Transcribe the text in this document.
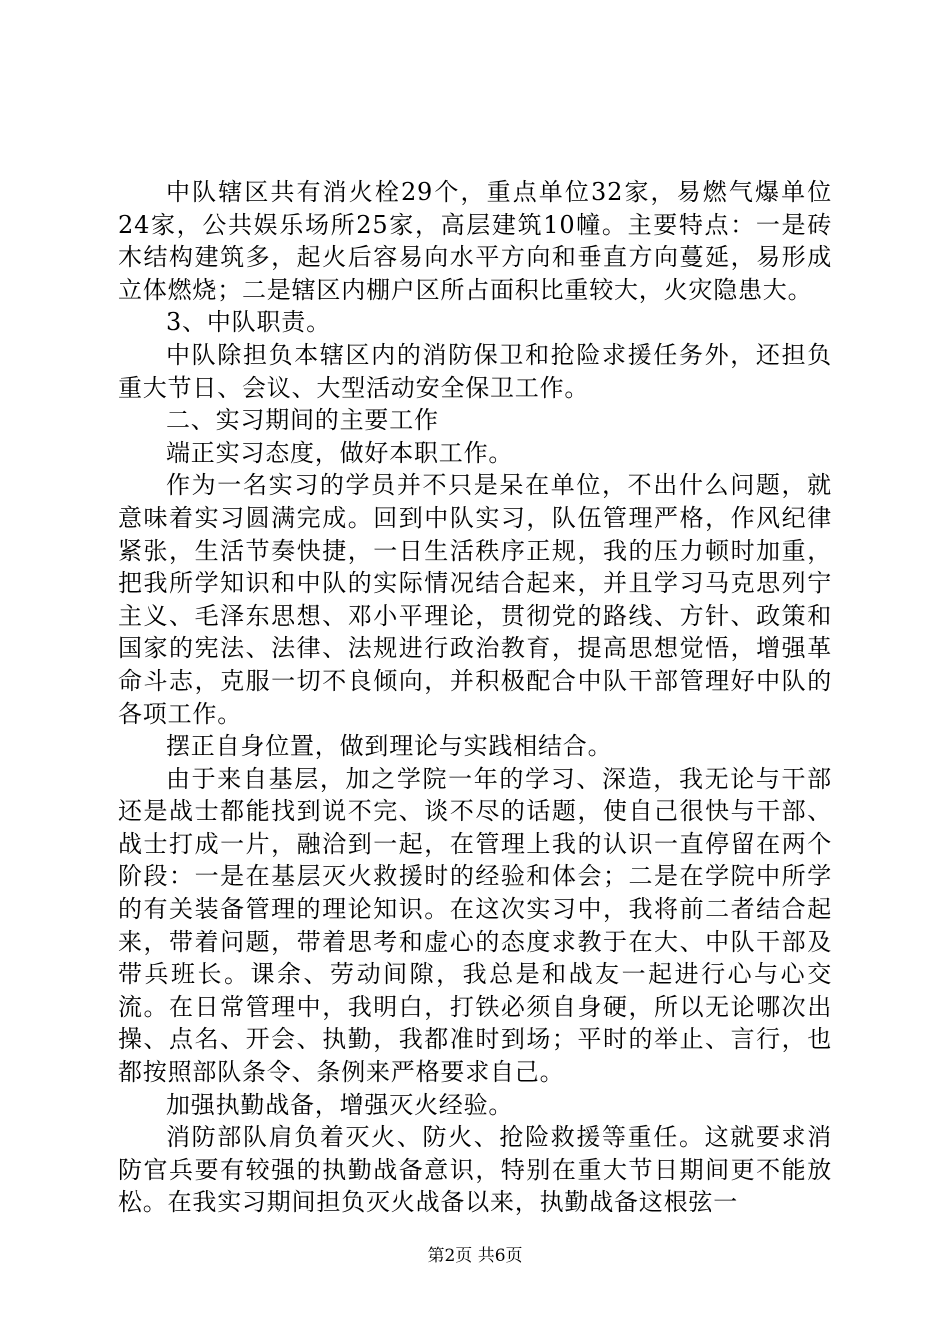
中队辖区共有消火栓29个，重点单位32家，易燃气爆单位24家，公共娱乐场所25家，高层建筑10幢。主要特点：一是砖木结构建筑多，起火后容易向水平方向和垂直方向蔓延，易形成立体燃烧；二是辖区内棚户区所占面积比重较大，火灾隐患大。

3、中队职责。

中队除担负本辖区内的消防保卫和抢险求援任务外，还担负重大节日、会议、大型活动安全保卫工作。

二、实习期间的主要工作

端正实习态度，做好本职工作。

作为一名实习的学员并不只是呆在单位，不出什么问题，就意味着实习圆满完成。回到中队实习，队伍管理严格，作风纪律紧张，生活节奏快捷，一日生活秩序正规，我的压力顿时加重，把我所学知识和中队的实际情况结合起来，并且学习马克思列宁主义、毛泽东思想、邓小平理论，贯彻党的路线、方针、政策和国家的宪法、法律、法规进行政治教育，提高思想觉悟，增强革命斗志，克服一切不良倾向，并积极配合中队干部管理好中队的各项工作。

摆正自身位置，做到理论与实践相结合。

由于来自基层，加之学院一年的学习、深造，我无论与干部还是战士都能找到说不完、谈不尽的话题，使自己很快与干部、战士打成一片，融洽到一起，在管理上我的认识一直停留在两个阶段：一是在基层灭火救援时的经验和体会；二是在学院中所学的有关装备管理的理论知识。在这次实习中，我将前二者结合起来，带着问题，带着思考和虚心的态度求教于在大、中队干部及带兵班长。课余、劳动间隙，我总是和战友一起进行心与心交流。在日常管理中，我明白，打铁必须自身硬，所以无论哪次出操、点名、开会、执勤，我都准时到场；平时的举止、言行，也都按照部队条令、条例来严格要求自己。

加强执勤战备，增强灭火经验。

消防部队肩负着灭火、防火、抢险救援等重任。这就要求消防官兵要有较强的执勤战备意识，特别在重大节日期间更不能放松。在我实习期间担负灭火战备以来，执勤战备这根弦一

第2页 共6页
